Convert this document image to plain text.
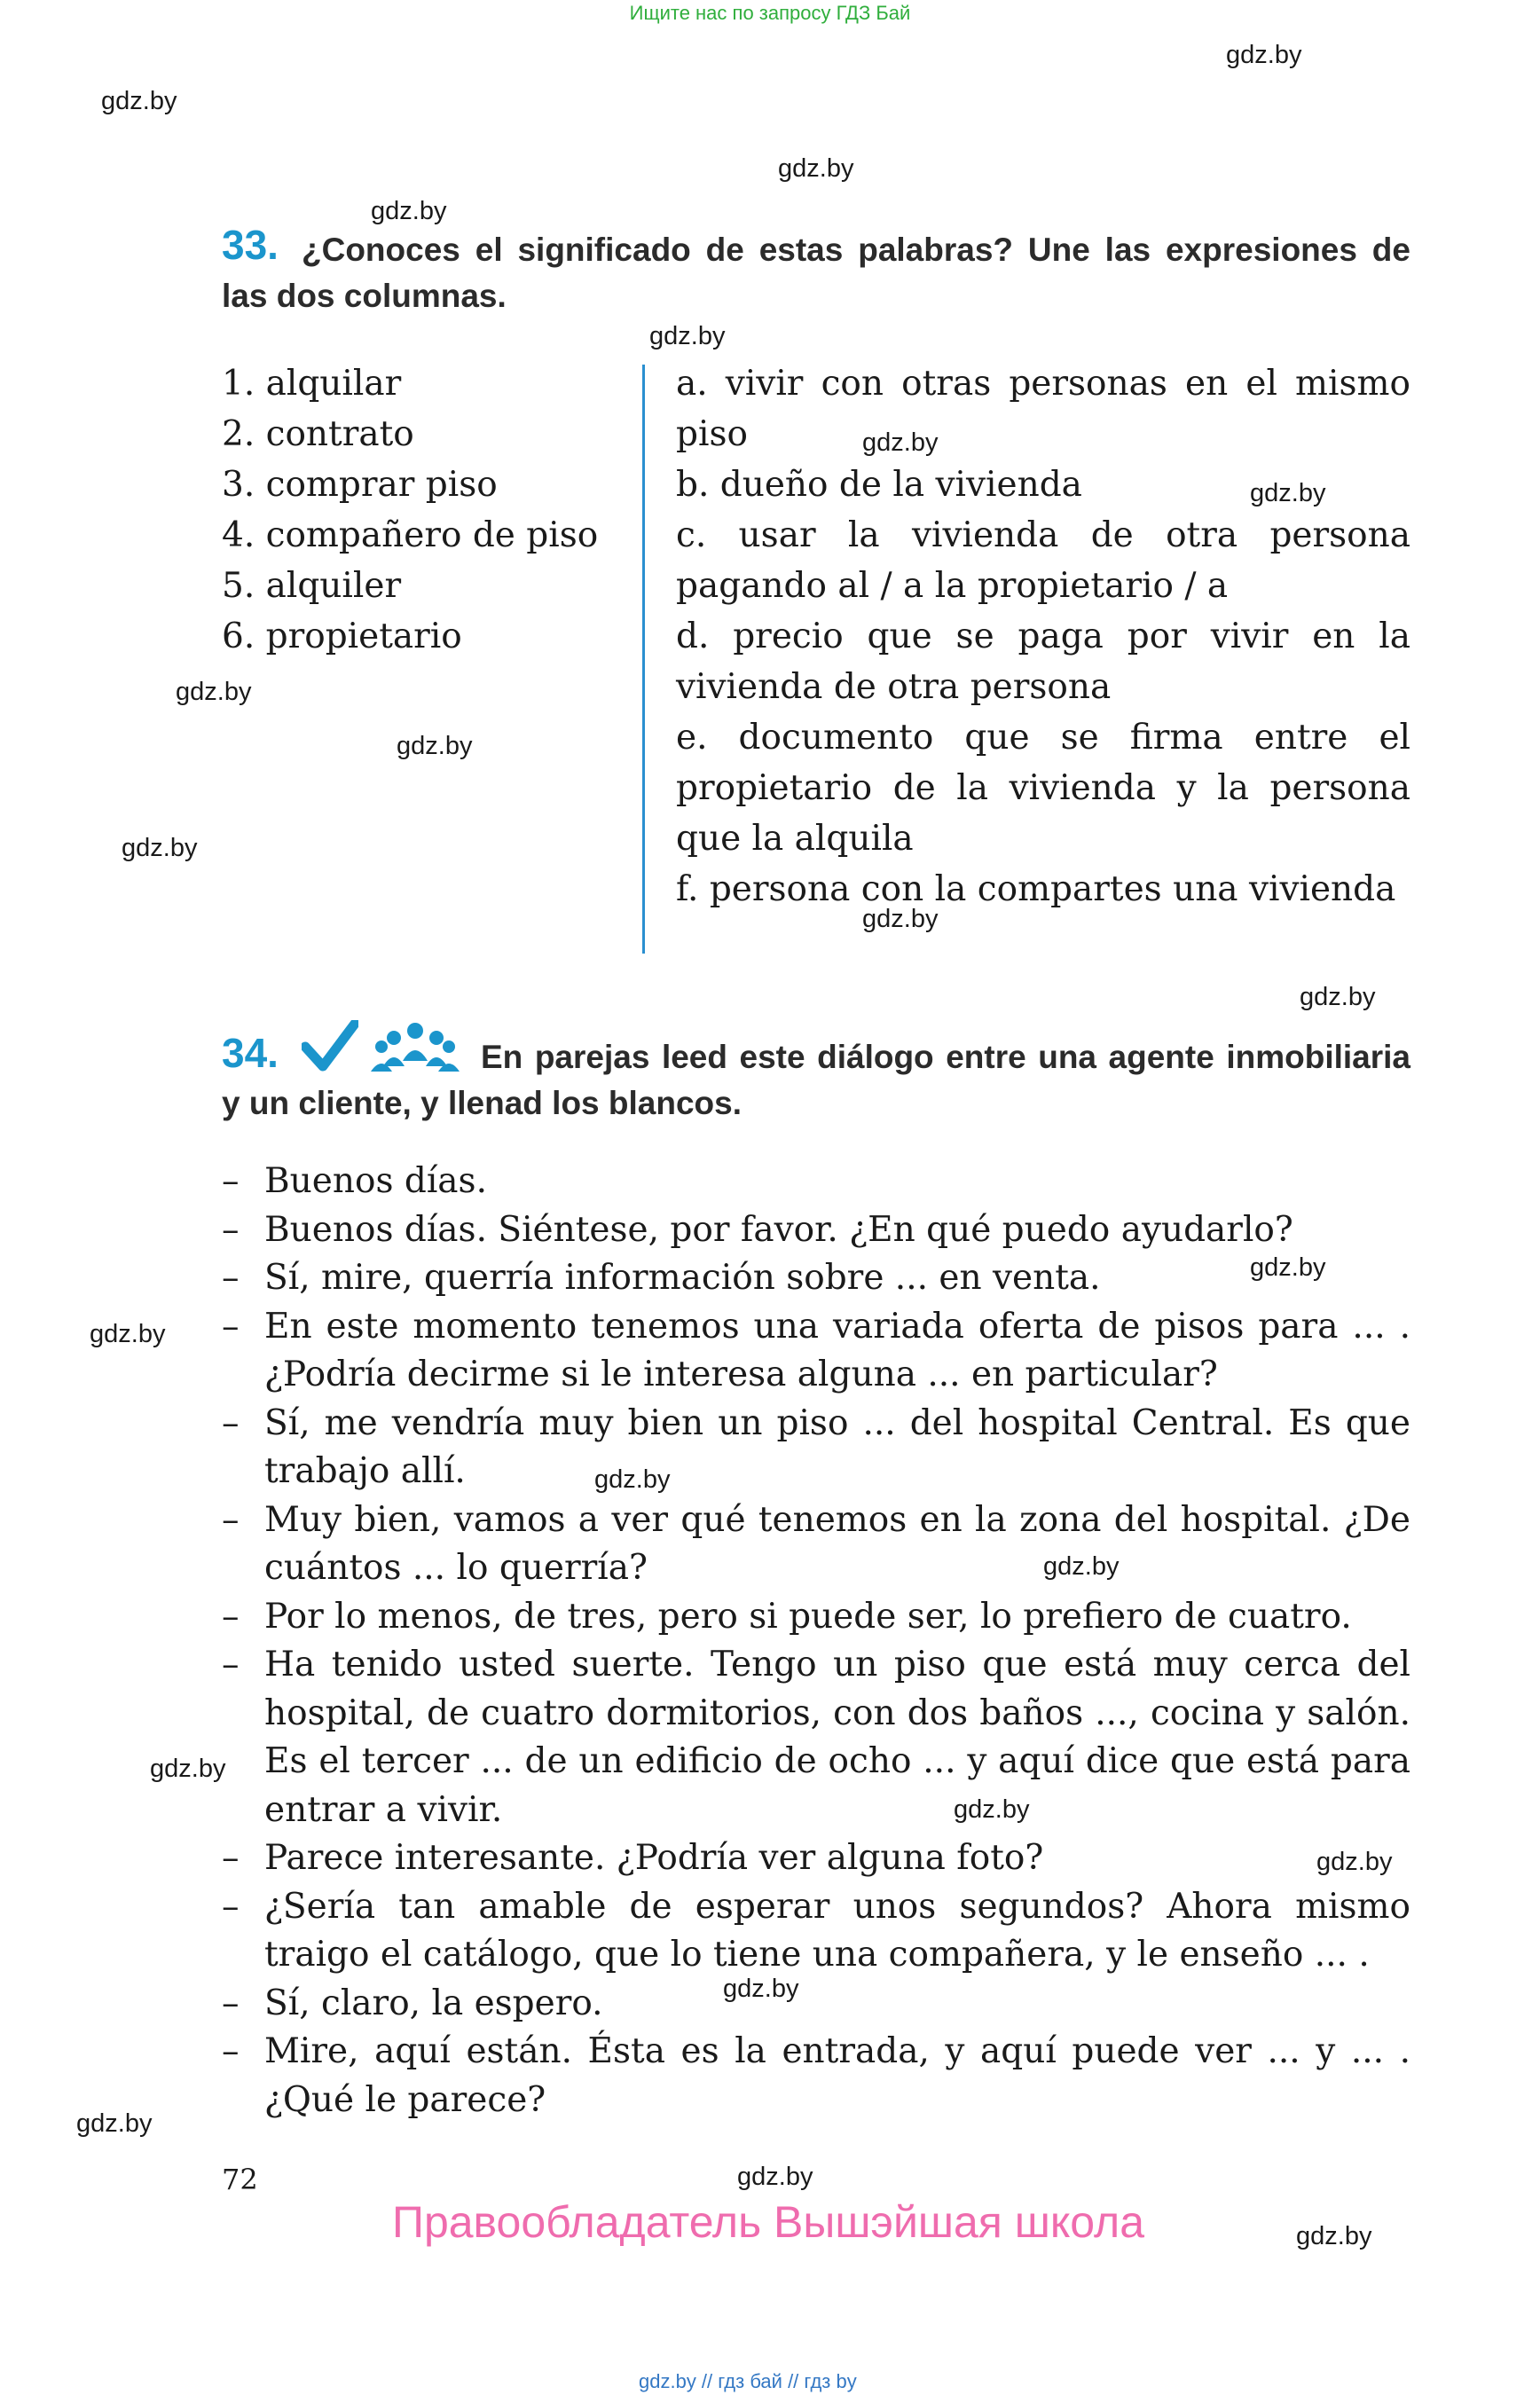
Ищите нас по запросу ГДЗ Бай
gdz.by
gdz.by
gdz.by
gdz.by
gdz.by
gdz.by
gdz.by
gdz.by
gdz.by
gdz.by
gdz.by
gdz.by
gdz.by
gdz.by
gdz.by
gdz.by
gdz.by
gdz.by
gdz.by
gdz.by
gdz.by
gdz.by
gdz.by
33. ¿Conoces el significado de estas palabras? Une las expresiones de las dos columnas.
1. alquilar
2. contrato
3. comprar piso
4. compañero de piso
5. alquiler
6. propietario
a. vivir con otras personas en el mismo piso
b. dueño de la vivienda
c. usar la vivienda de otra persona pagando al / a la propietario / a
d. precio que se paga por vivir en la vivienda de otra persona
e. documento que se firma entre el propietario de la vivienda y la persona que la alquila
f. persona con la compartes una vivienda
34.	En parejas leed este diálogo entre una agente inmobiliaria y un cliente, y llenad los blancos.
– Buenos días.
– Buenos días. Siéntese, por favor. ¿En qué puedo ayudarlo?
– Sí, mire, querría información sobre ... en venta.
– En este momento tenemos una variada oferta de pisos para ... . ¿Podría decirme si le interesa alguna ... en particular?
– Sí, me vendría muy bien un piso ... del hospital Central. Es que trabajo allí.
– Muy bien, vamos a ver qué tenemos en la zona del hospital. ¿De cuántos ... lo querría?
– Por lo menos, de tres, pero si puede ser, lo prefiero de cuatro.
– Ha tenido usted suerte. Tengo un piso que está muy cerca del hospital, de cuatro dormitorios, con dos baños ..., cocina y salón. Es el tercer ... de un edificio de ocho ... y aquí dice que está para entrar a vivir.
– Parece interesante. ¿Podría ver alguna foto?
– ¿Sería tan amable de esperar unos segundos? Ahora mismo traigo el catálogo, que lo tiene una compañera, y le enseño ... .
– Sí, claro, la espero.
– Mire, aquí están. Ésta es la entrada, y aquí puede ver ... y ... . ¿Qué le parece?
72
Правообладатель Вышэйшая школа
gdz.by // гдз бай // гдз by
